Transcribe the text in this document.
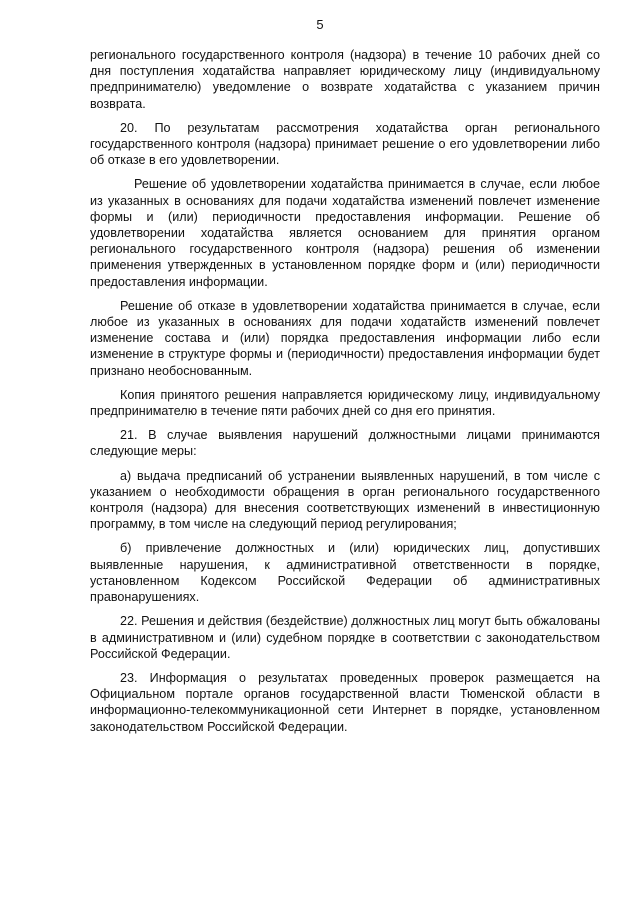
5

регионального государственного контроля (надзора) в течение 10 рабочих дней со дня поступления ходатайства направляет юридическому лицу (индивидуальному предпринимателю) уведомление о возврате ходатайства с указанием причин возврата.

20. По результатам рассмотрения ходатайства орган регионального государственного контроля (надзора) принимает решение о его удовлетворении либо об отказе в его удовлетворении.

Решение об удовлетворении ходатайства принимается в случае, если любое из указанных в основаниях для подачи ходатайства изменений повлечет изменение формы и (или) периодичности предоставления информации. Решение об удовлетворении ходатайства является основанием для принятия органом регионального государственного контроля (надзора) решения об изменении применения утвержденных в установленном порядке форм и (или) периодичности предоставления информации.

Решение об отказе в удовлетворении ходатайства принимается в случае, если любое из указанных в основаниях для подачи ходатайств изменений повлечет изменение состава и (или) порядка предоставления информации либо если изменение в структуре формы и (периодичности) предоставления информации будет признано необоснованным.

Копия принятого решения направляется юридическому лицу, индивидуальному предпринимателю в течение пяти рабочих дней со дня его принятия.

21. В случае выявления нарушений должностными лицами принимаются следующие меры:

а) выдача предписаний об устранении выявленных нарушений, в том числе с указанием о необходимости обращения в орган регионального государственного контроля (надзора) для внесения соответствующих изменений в инвестиционную программу, в том числе на следующий период регулирования;

б) привлечение должностных и (или) юридических лиц, допустивших выявленные нарушения, к административной ответственности в порядке, установленном Кодексом Российской Федерации об административных правонарушениях.

22. Решения и действия (бездействие) должностных лиц могут быть обжалованы в административном и (или) судебном порядке в соответствии с законодательством Российской Федерации.

23. Информация о результатах проведенных проверок размещается на Официальном портале органов государственной власти Тюменской области в информационно-телекоммуникационной сети Интернет в порядке, установленном законодательством Российской Федерации.
